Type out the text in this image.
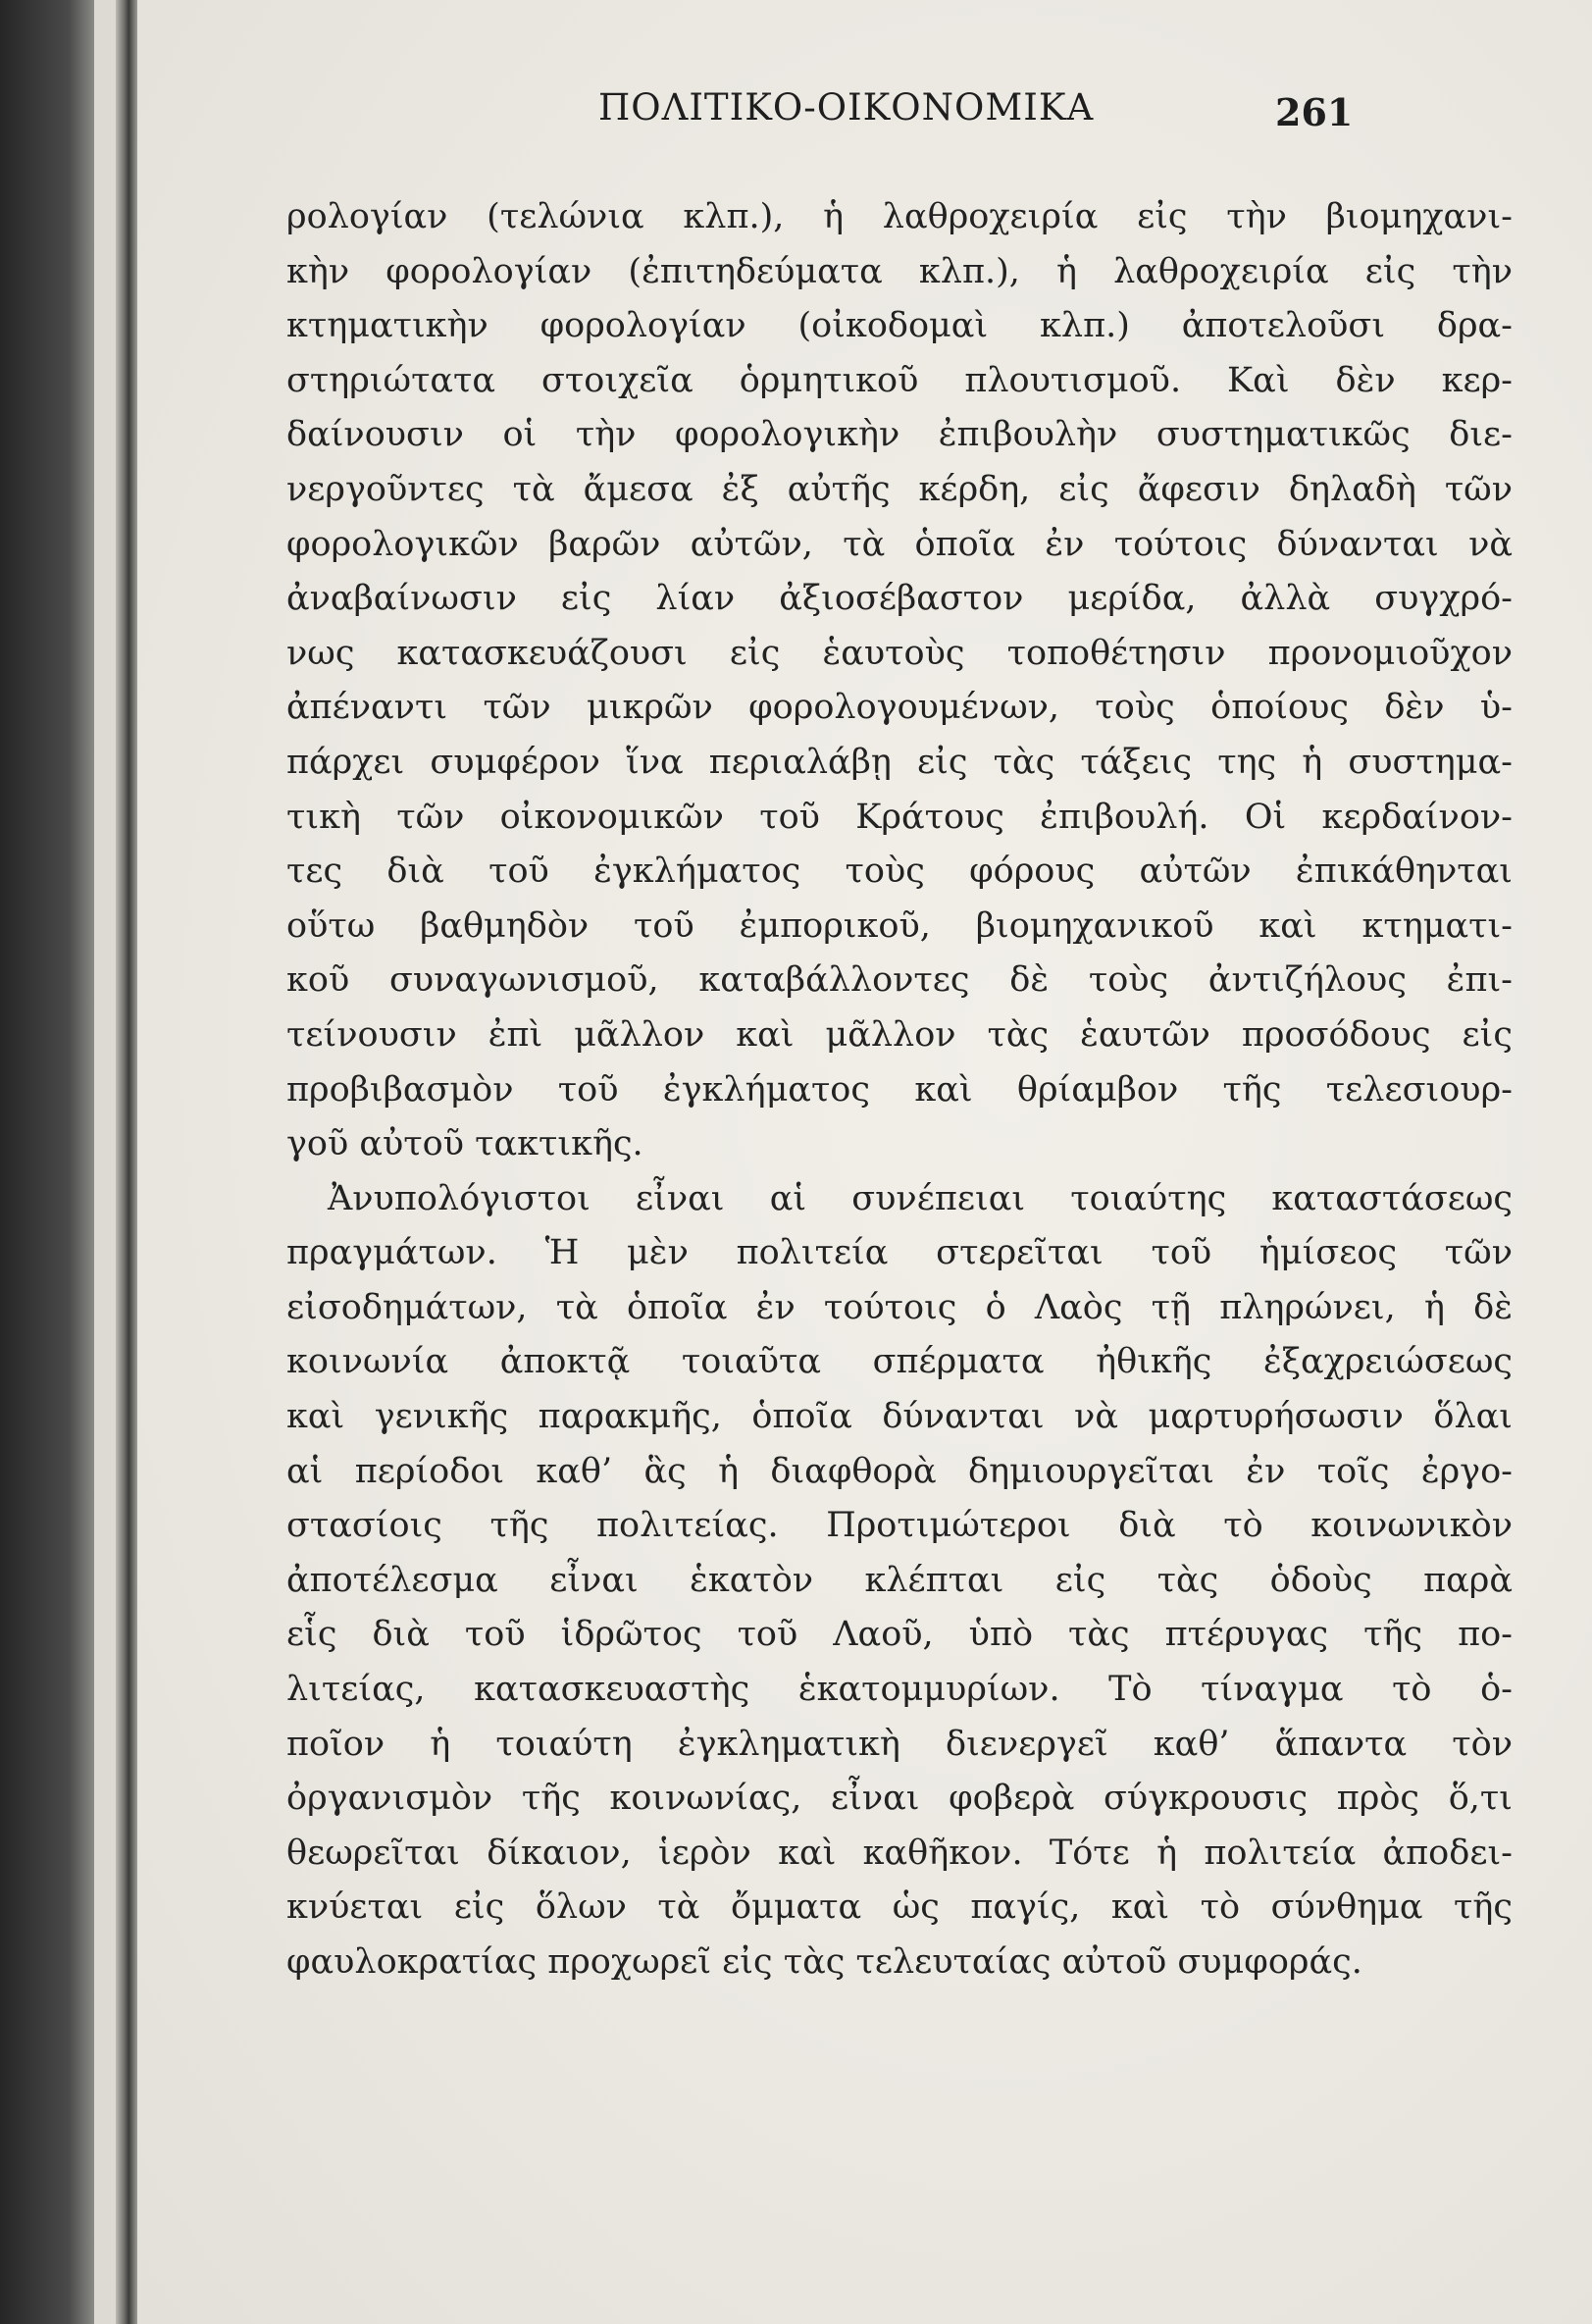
ΠΟΛΙΤΙΚΟ-ΟΙΚΟΝΟΜΙΚΑ	261
ρολογίαν (τελώνια κλπ.), ἡ λαθροχειρία εἰς τὴν βιομηχανι-
κὴν φορολογίαν (ἐπιτηδεύματα κλπ.), ἡ λαθροχειρία εἰς τὴν
κτηματικὴν φορολογίαν (οἰκοδομαὶ κλπ.) ἀποτελοῦσι δρα-
στηριώτατα στοιχεῖα ὁρμητικοῦ πλουτισμοῦ. Καὶ δὲν κερ-
δαίνουσιν οἱ τὴν φορολογικὴν ἐπιβουλὴν συστηματικῶς διε-
νεργοῦντες τὰ ἄμεσα ἐξ αὐτῆς κέρδη, εἰς ἄφεσιν δηλαδὴ τῶν
φορολογικῶν βαρῶν αὐτῶν, τὰ ὁποῖα ἐν τούτοις δύνανται νὰ
ἀναβαίνωσιν εἰς λίαν ἀξιοσέβαστον μερίδα, ἀλλὰ συγχρό-
νως κατασκευάζουσι εἰς ἑαυτοὺς τοποθέτησιν προνομιοῦχον
ἀπέναντι τῶν μικρῶν φορολογουμένων, τοὺς ὁποίους δὲν ὑ-
πάρχει συμφέρον ἵνα περιαλάβῃ εἰς τὰς τάξεις της ἡ συστημα-
τικὴ τῶν οἰκονομικῶν τοῦ Κράτους ἐπιβουλή. Οἱ κερδαίνον-
τες διὰ τοῦ ἐγκλήματος τοὺς φόρους αὐτῶν ἐπικάθηνται
οὕτω βαθμηδὸν τοῦ ἐμπορικοῦ, βιομηχανικοῦ καὶ κτηματι-
κοῦ συναγωνισμοῦ, καταβάλλοντες δὲ τοὺς ἀντιζήλους ἐπι-
τείνουσιν ἐπὶ μᾶλλον καὶ μᾶλλον τὰς ἑαυτῶν προσόδους εἰς
προβιβασμὸν τοῦ ἐγκλήματος καὶ θρίαμβον τῆς τελεσιουρ-
γοῦ αὐτοῦ τακτικῆς.
Ἀνυπολόγιστοι εἶναι αἱ συνέπειαι τοιαύτης καταστάσεως
πραγμάτων. Ἡ μὲν πολιτεία στερεῖται τοῦ ἡμίσεος τῶν
εἰσοδημάτων, τὰ ὁποῖα ἐν τούτοις ὁ Λαὸς τῇ πληρώνει, ἡ δὲ
κοινωνία ἀποκτᾷ τοιαῦτα σπέρματα ἠθικῆς ἐξαχρειώσεως
καὶ γενικῆς παρακμῆς, ὁποῖα δύνανται νὰ μαρτυρήσωσιν ὅλαι
αἱ περίοδοι καθ’ ἃς ἡ διαφθορὰ δημιουργεῖται ἐν τοῖς ἐργο-
στασίοις τῆς πολιτείας. Προτιμώτεροι διὰ τὸ κοινωνικὸν
ἀποτέλεσμα εἶναι ἑκατὸν κλέπται εἰς τὰς ὁδοὺς παρὰ
εἷς διὰ τοῦ ἱδρῶτος τοῦ Λαοῦ, ὑπὸ τὰς πτέρυγας τῆς πο-
λιτείας, κατασκευαστὴς ἑκατομμυρίων. Τὸ τίναγμα τὸ ὁ-
ποῖον ἡ τοιαύτη ἐγκληματικὴ διενεργεῖ καθ’ ἅπαντα τὸν
ὀργανισμὸν τῆς κοινωνίας, εἶναι φοβερὰ σύγκρουσις πρὸς ὅ,τι
θεωρεῖται δίκαιον, ἱερὸν καὶ καθῆκον. Τότε ἡ πολιτεία ἀποδει-
κνύεται εἰς ὅλων τὰ ὄμματα ὡς παγίς, καὶ τὸ σύνθημα τῆς
φαυλοκρατίας προχωρεῖ εἰς τὰς τελευταίας αὐτοῦ συμφοράς.
